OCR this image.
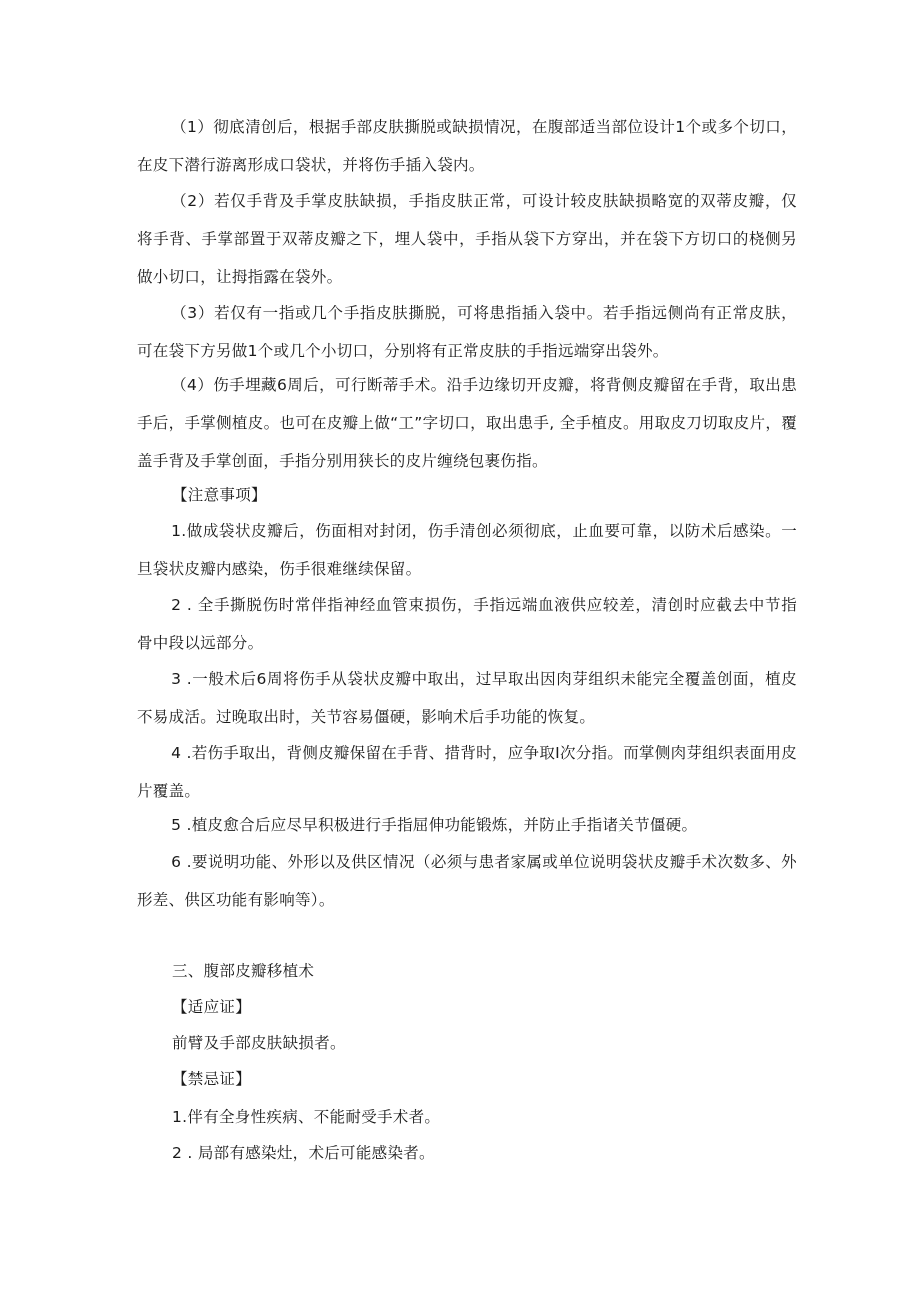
（1）彻底清创后，根据手部皮肤撕脱或缺损情况，在腹部适当部位设计1个或多个切口，在皮下潜行游离形成口袋状，并将伤手插入袋内。

（2）若仅手背及手掌皮肤缺损，手指皮肤正常，可设计较皮肤缺损略宽的双蒂皮瓣，仅将手背、手掌部置于双蒂皮瓣之下，埋人袋中，手指从袋下方穿出，并在袋下方切口的桡侧另做小切口，让拇指露在袋外。

（3）若仅有一指或几个手指皮肤撕脱，可将患指插入袋中。若手指远侧尚有正常皮肤，可在袋下方另做1个或几个小切口，分别将有正常皮肤的手指远端穿出袋外。

（4）伤手埋藏6周后，可行断蒂手术。沿手边缘切开皮瓣，将背侧皮瓣留在手背，取出患手后，手掌侧植皮。也可在皮瓣上做“工”字切口，取出患手, 全手植皮。用取皮刀切取皮片，覆盖手背及手掌创面，手指分别用狭长的皮片缠绕包裹伤指。

【注意事项】

1.做成袋状皮瓣后，伤面相对封闭，伤手清创必须彻底，止血要可靠，以防术后感染。一旦袋状皮瓣内感染，伤手很难继续保留。

2 . 全手撕脱伤时常伴指神经血管束损伤，手指远端血液供应较差，清创时应截去中节指骨中段以远部分。

3 .一般术后6周将伤手从袋状皮瓣中取出，过早取出因肉芽组织未能完全覆盖创面，植皮不易成活。过晚取出时，关节容易僵硬，影响术后手功能的恢复。

4 .若伤手取出，背侧皮瓣保留在手背、措背时，应争取I次分指。而掌侧肉芽组织表面用皮片覆盖。

5 .植皮愈合后应尽早积极进行手指屈伸功能锻炼，并防止手指诸关节僵硬。

6 .要说明功能、外形以及供区情况（必须与患者家属或单位说明袋状皮瓣手术次数多、外形差、供区功能有影响等）。

三、腹部皮瓣移植术

【适应证】

前臂及手部皮肤缺损者。

【禁忌证】

1.伴有全身性疾病、不能耐受手术者。

2 . 局部有感染灶，术后可能感染者。
